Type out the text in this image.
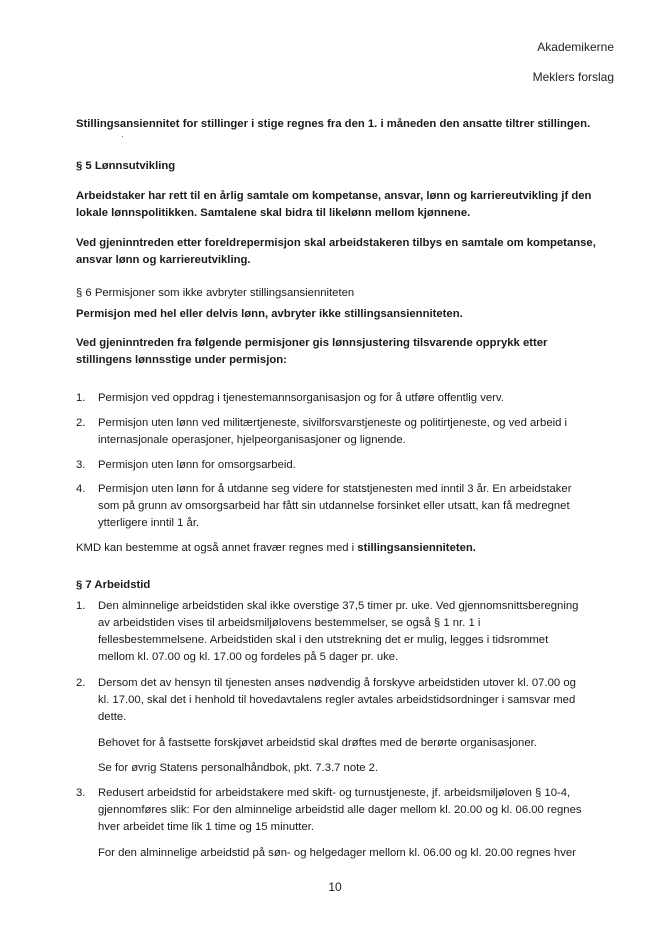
Akademikerne
Meklers forslag

Stillingsansiennitet for stillinger i stige regnes fra den 1. i måneden den ansatte tiltrer stillingen.

·

§ 5 Lønnsutvikling

Arbeidstaker har rett til en årlig samtale om kompetanse, ansvar, lønn og karriereutvikling jf den lokale lønnspolitikken. Samtalene skal bidra til likelønn mellom kjønnene.

Ved gjeninntreden etter foreldrepermisjon skal arbeidstakeren tilbys en samtale om kompetanse, ansvar lønn og karriereutvikling.

§ 6 Permisjoner som ikke avbryter stillingsansienniteten

Permisjon med hel eller delvis lønn, avbryter ikke stillingsansienniteten.

Ved gjeninntreden fra følgende permisjoner gis lønnsjustering tilsvarende opprykk etter stillingens lønnsstige under permisjon:

1. Permisjon ved oppdrag i tjenestemannsorganisasjon og for å utføre offentlig verv.

2. Permisjon uten lønn ved militærtjeneste, sivilforsvarstjeneste og politirtjeneste, og ved arbeid i internasjonale operasjoner, hjelpeorganisasjoner og lignende.

3. Permisjon uten lønn for omsorgsarbeid.

4. Permisjon uten lønn for å utdanne seg videre for statstjenesten med inntil 3 år. En arbeidstaker som på grunn av omsorgsarbeid har fått sin utdannelse forsinket eller utsatt, kan få medregnet ytterligere inntil 1 år.

KMD kan bestemme at også annet fravær regnes med i stillingsansienniteten.

§ 7 Arbeidstid

1. Den alminnelige arbeidstiden skal ikke overstige 37,5 timer pr. uke. Ved gjennomsnittsberegning av arbeidstiden vises til arbeidsmiljølovens bestemmelser, se også § 1 nr. 1 i fellesbestemmelsene. Arbeidstiden skal i den utstrekning det er mulig, legges i tidsrommet mellom kl. 07.00 og kl. 17.00 og fordeles på 5 dager pr. uke.

2. Dersom det av hensyn til tjenesten anses nødvendig å forskyve arbeidstiden utover kl. 07.00 og kl. 17.00, skal det i henhold til hovedavtalens regler avtales arbeidstidsordninger i samsvar med dette.

Behovet for å fastsette forskjøvet arbeidstid skal drøftes med de berørte organisasjoner.

Se for øvrig Statens personalhåndbok, pkt. 7.3.7 note 2.

3. Redusert arbeidstid for arbeidstakere med skift- og turnustjeneste, jf. arbeidsmiljøloven § 10-4, gjennomføres slik: For den alminnelige arbeidstid alle dager mellom kl. 20.00 og kl. 06.00 regnes hver arbeidet time lik 1 time og 15 minutter.

For den alminnelige arbeidstid på søn- og helgedager mellom kl. 06.00 og kl. 20.00 regnes hver

10
